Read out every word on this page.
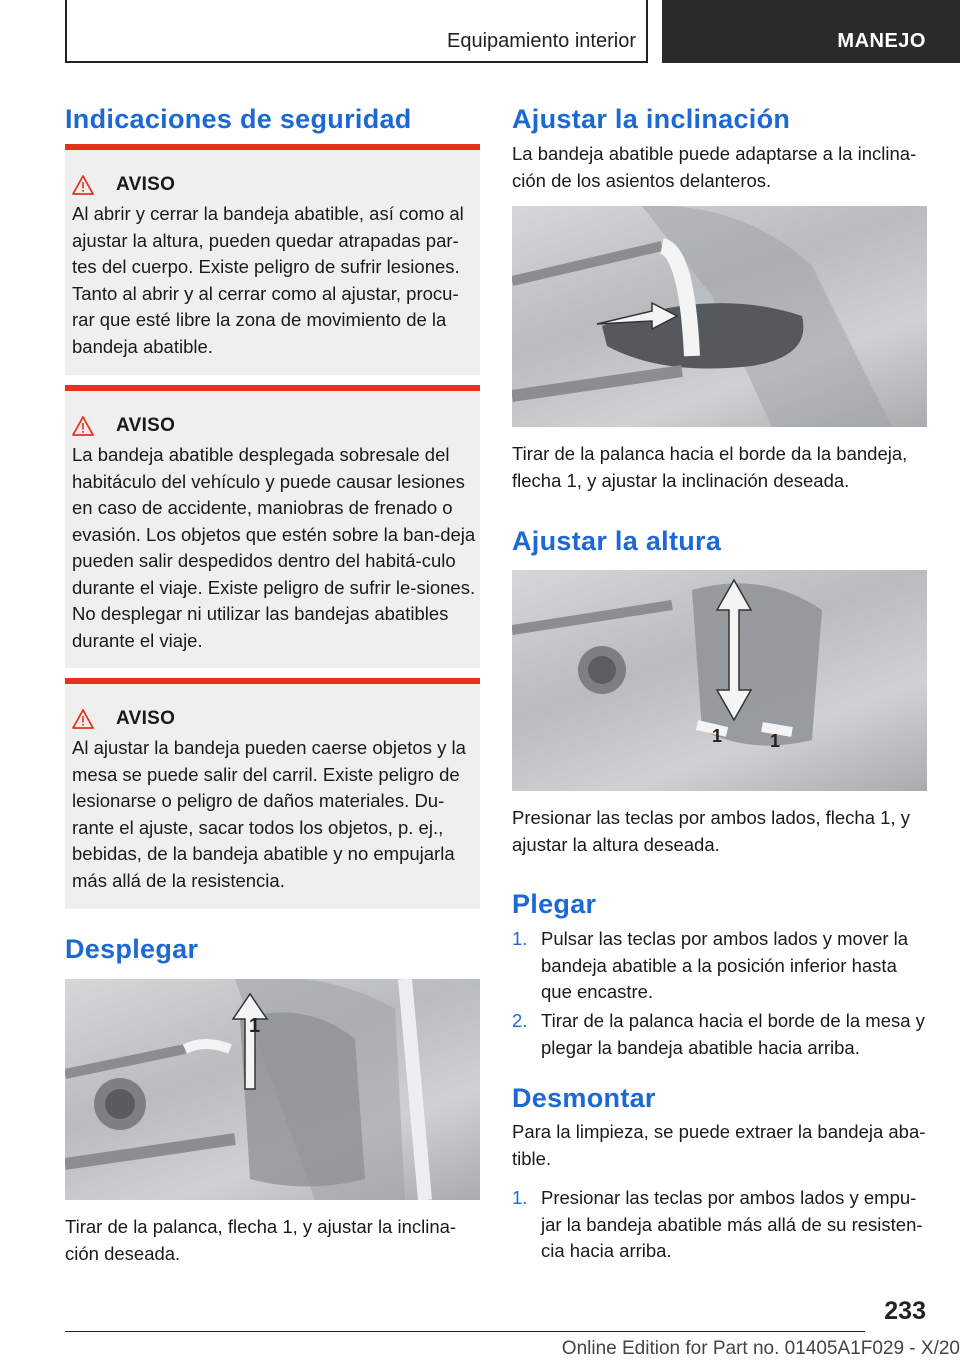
Equipamiento interior	MANEJO
Indicaciones de seguridad
AVISO
Al abrir y cerrar la bandeja abatible, así como al ajustar la altura, pueden quedar atrapadas par‐tes del cuerpo. Existe peligro de sufrir lesiones. Tanto al abrir y al cerrar como al ajustar, procu‐rar que esté libre la zona de movimiento de la bandeja abatible.
AVISO
La bandeja abatible desplegada sobresale del habitáculo del vehículo y puede causar lesiones en caso de accidente, maniobras de frenado o evasión. Los objetos que estén sobre la ban‐deja pueden salir despedidos dentro del habitá‐culo durante el viaje. Existe peligro de sufrir le‐siones. No desplegar ni utilizar las bandejas abatibles durante el viaje.
AVISO
Al ajustar la bandeja pueden caerse objetos y la mesa se puede salir del carril. Existe peligro de lesionarse o peligro de daños materiales. Du‐rante el ajuste, sacar todos los objetos, p. ej., bebidas, de la bandeja abatible y no empujarla más allá de la resistencia.
Desplegar
1
Tirar de la palanca, flecha 1, y ajustar la inclina‐ción deseada.
Ajustar la inclinación
La bandeja abatible puede adaptarse a la inclina‐ción de los asientos delanteros.
Tirar de la palanca hacia el borde da la bandeja, flecha 1, y ajustar la inclinación deseada.
Ajustar la altura
1	1
Presionar las teclas por ambos lados, flecha 1, y ajustar la altura deseada.
Plegar
1. Pulsar las teclas por ambos lados y mover la bandeja abatible a la posición inferior hasta que encastre.
2. Tirar de la palanca hacia el borde de la mesa y plegar la bandeja abatible hacia arriba.
Desmontar
Para la limpieza, se puede extraer la bandeja aba‐tible.
1. Presionar las teclas por ambos lados y empu‐jar la bandeja abatible más allá de su resisten‐cia hacia arriba.
233
Online Edition for Part no. 01405A1F029 - X/20
